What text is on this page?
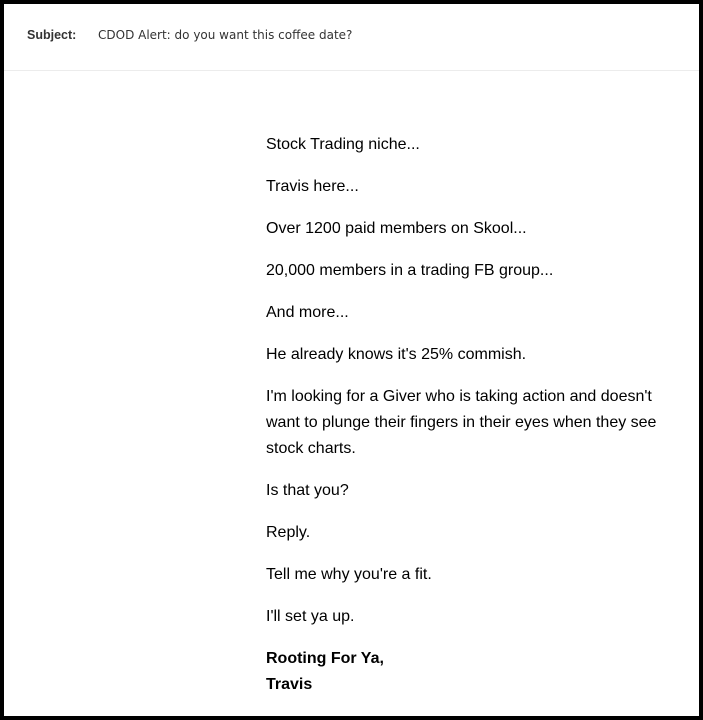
Subject: CDOD Alert: do you want this coffee date?

Stock Trading niche...

Travis here...

Over 1200 paid members on Skool...

20,000 members in a trading FB group...

And more...

He already knows it's 25% commish.

I'm looking for a Giver who is taking action and doesn't want to plunge their fingers in their eyes when they see stock charts.

Is that you?

Reply.

Tell me why you're a fit.

I'll set ya up.

Rooting For Ya,
Travis
